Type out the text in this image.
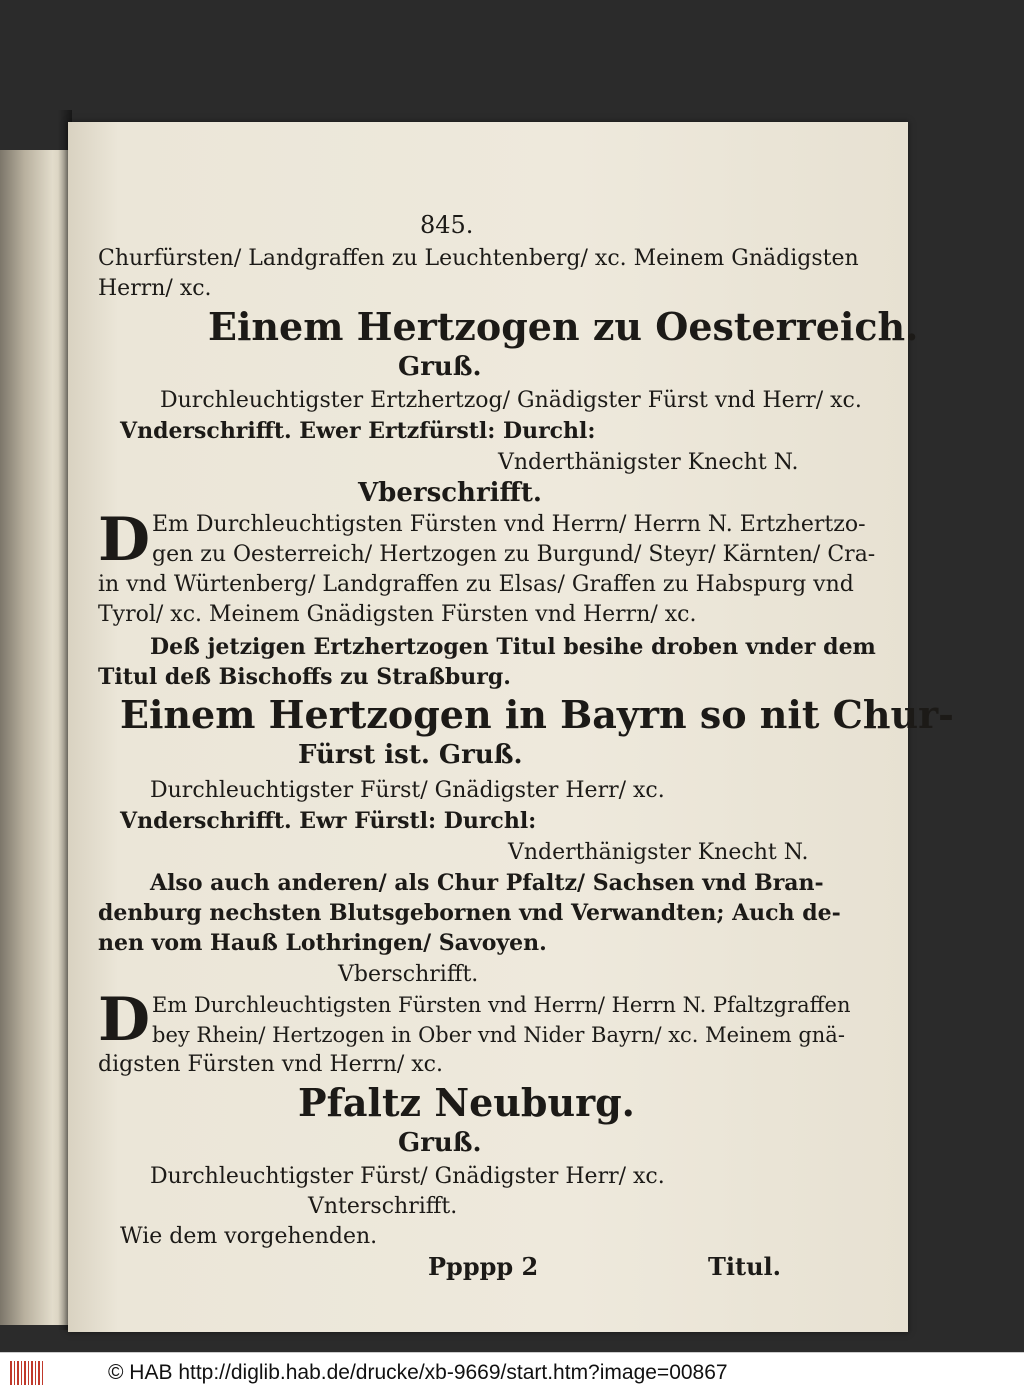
845.
Churfürsten/ Landgraffen zu Leuchtenberg/ xc. Meinem Gnädigsten
Herrn/ xc.
Einem Hertzogen zu Oesterreich.
Gruß.
Durchleuchtigster Ertzhertzog/ Gnädigster Fürst vnd Herr/ xc.
Vnderschrifft. Ewer Ertzfürstl: Durchl:
Vnderthänigster Knecht N.
Vberschrifft.
D Em Durchleuchtigsten Fürsten vnd Herrn/ Herrn N. Ertzhertzo-
gen zu Oesterreich/ Hertzogen zu Burgund/ Steyr/ Kärnten/ Cra-
in vnd Würtenberg/ Landgraffen zu Elsas/ Graffen zu Habspurg vnd
Tyrol/ xc. Meinem Gnädigsten Fürsten vnd Herrn/ xc.
Deß jetzigen Ertzhertzogen Titul besihe droben vnder dem
Titul deß Bischoffs zu Straßburg.
Einem Hertzogen in Bayrn so nit Chur-
Fürst ist. Gruß.
Durchleuchtigster Fürst/ Gnädigster Herr/ xc.
Vnderschrifft. Ewr Fürstl: Durchl:
Vnderthänigster Knecht N.
Also auch anderen/ als Chur Pfaltz/ Sachsen vnd Bran-
denburg nechsten Blutsgebornen vnd Verwandten; Auch de-
nen vom Hauß Lothringen/ Savoyen.
Vberschrifft.
D Em Durchleuchtigsten Fürsten vnd Herrn/ Herrn N. Pfaltzgraffen
bey Rhein/ Hertzogen in Ober vnd Nider Bayrn/ xc. Meinem gnä-
digsten Fürsten vnd Herrn/ xc.
Pfaltz Neuburg.
Gruß.
Durchleuchtigster Fürst/ Gnädigster Herr/ xc.
Vnterschrifft.
Wie dem vorgehenden.
Ppppp 2	Titul.
© HAB http://diglib.hab.de/drucke/xb-9669/start.htm?image=00867
